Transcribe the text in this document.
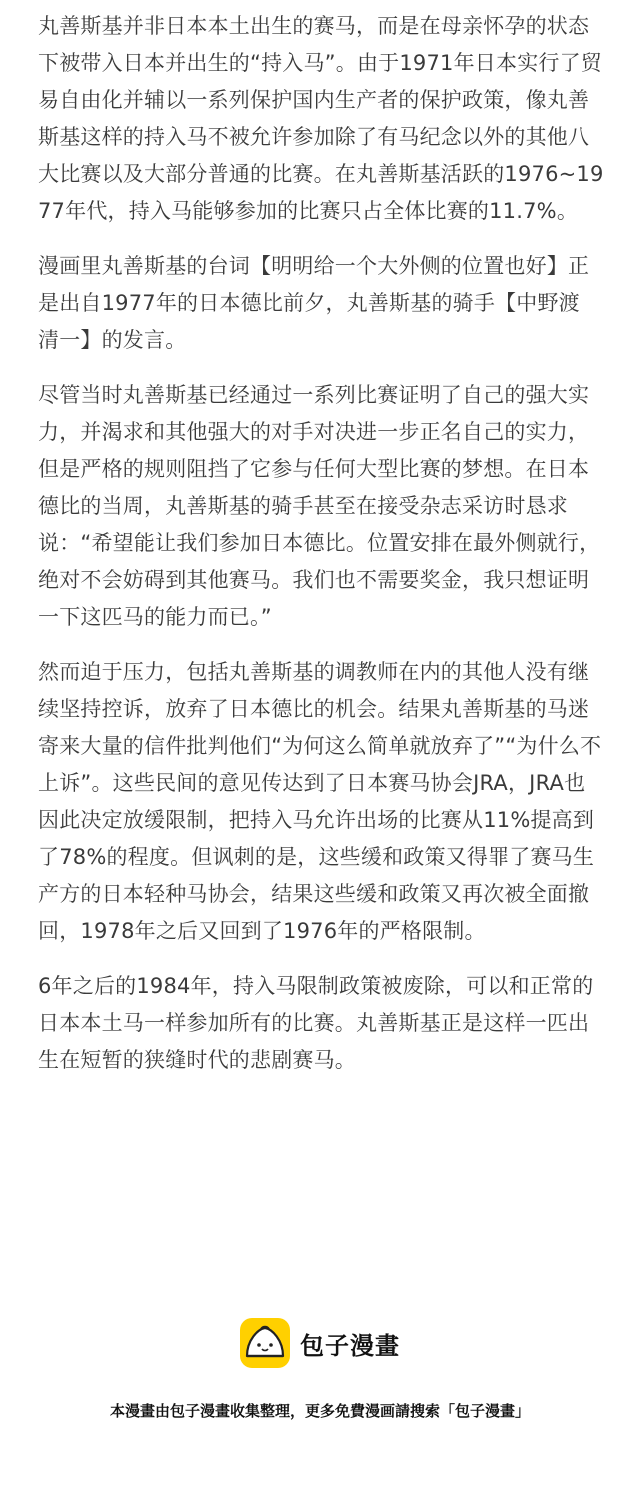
丸善斯基并非日本本土出生的赛马，而是在母亲怀孕的状态下被带入日本并出生的“持入马”。由于1971年日本实行了贸易自由化并辅以一系列保护国内生产者的保护政策，像丸善斯基这样的持入马不被允许参加除了有马纪念以外的其他八大比赛以及大部分普通的比赛。在丸善斯基活跃的1976~1977年代，持入马能够参加的比赛只占全体比赛的11.7%。

漫画里丸善斯基的台词【明明给一个大外侧的位置也好】正是出自1977年的日本德比前夕，丸善斯基的骑手【中野渡 清一】的发言。

尽管当时丸善斯基已经通过一系列比赛证明了自己的强大实力，并渴求和其他强大的对手对决进一步正名自己的实力，但是严格的规则阻挡了它参与任何大型比赛的梦想。在日本德比的当周，丸善斯基的骑手甚至在接受杂志采访时恳求说：“希望能让我们参加日本德比。位置安排在最外侧就行，绝对不会妨碍到其他赛马。我们也不需要奖金，我只想证明一下这匹马的能力而已。”

然而迫于压力，包括丸善斯基的调教师在内的其他人没有继续坚持控诉，放弃了日本德比的机会。结果丸善斯基的马迷寄来大量的信件批判他们“为何这么简单就放弃了”“为什么不上诉”。这些民间的意见传达到了日本赛马协会JRA，JRA也因此决定放缓限制，把持入马允许出场的比赛从11%提高到了78%的程度。但讽刺的是，这些缓和政策又得罪了赛马生产方的日本轻种马协会，结果这些缓和政策又再次被全面撤回，1978年之后又回到了1976年的严格限制。

6年之后的1984年，持入马限制政策被废除，可以和正常的日本本土马一样参加所有的比赛。丸善斯基正是这样一匹出生在短暂的狭缝时代的悲剧赛马。

包子漫畫
本漫畫由包子漫畫收集整理，更多免費漫画請搜索「包子漫畫」
